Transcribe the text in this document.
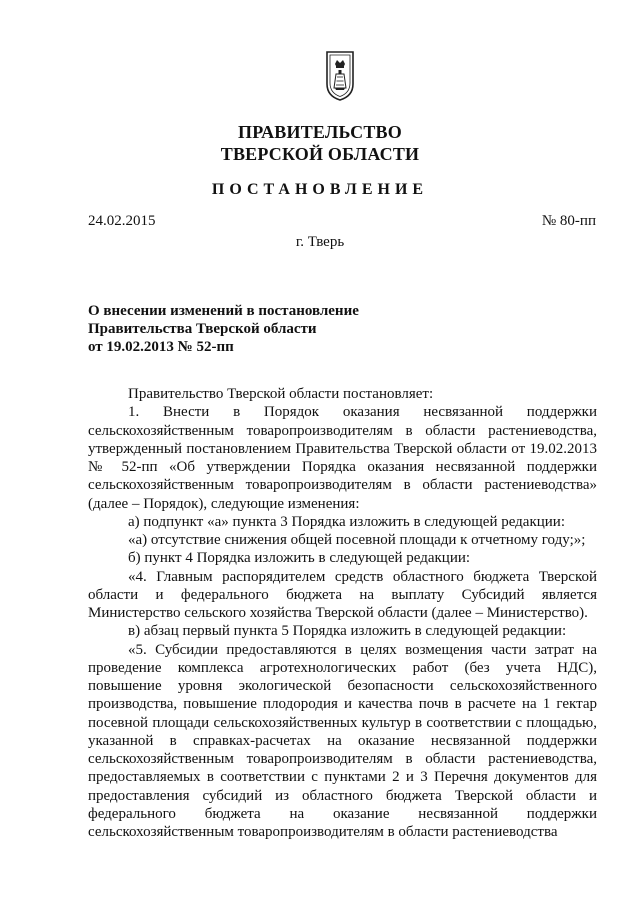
ПРАВИТЕЛЬСТВО
ТВЕРСКОЙ ОБЛАСТИ
ПОСТАНОВЛЕНИЕ
24.02.2015	№ 80-пп
г. Тверь
О внесении изменений в постановление
Правительства Тверской области
от 19.02.2013 № 52-пп

Правительство Тверской области постановляет:

1. Внести в Порядок оказания несвязанной поддержки сельскохозяйственным товаропроизводителям в области растениеводства, утвержденный постановлением Правительства Тверской области от 19.02.2013 № 52-пп «Об утверждении Порядка оказания несвязанной поддержки сельскохозяйственным товаропроизводителям в области растениеводства» (далее – Порядок), следующие изменения:

а) подпункт «а» пункта 3 Порядка изложить в следующей редакции:

«а) отсутствие снижения общей посевной площади к отчетному году;»;

б) пункт 4 Порядка изложить в следующей редакции:

«4. Главным распорядителем средств областного бюджета Тверской области и федерального бюджета на выплату Субсидий является Министерство сельского хозяйства Тверской области (далее – Министерство).

в) абзац первый пункта 5 Порядка изложить в следующей редакции:

«5. Субсидии предоставляются в целях возмещения части затрат на проведение комплекса агротехнологических работ (без учета НДС), повышение уровня экологической безопасности сельскохозяйственного производства, повышение плодородия и качества почв в расчете на 1 гектар посевной площади сельскохозяйственных культур в соответствии с площадью, указанной в справках-расчетах на оказание несвязанной поддержки сельскохозяйственным товаропроизводителям в области растениеводства, предоставляемых в соответствии с пунктами 2 и 3 Перечня документов для предоставления субсидий из областного бюджета Тверской области и федерального бюджета на оказание несвязанной поддержки сельскохозяйственным товаропроизводителям в области растениеводства
